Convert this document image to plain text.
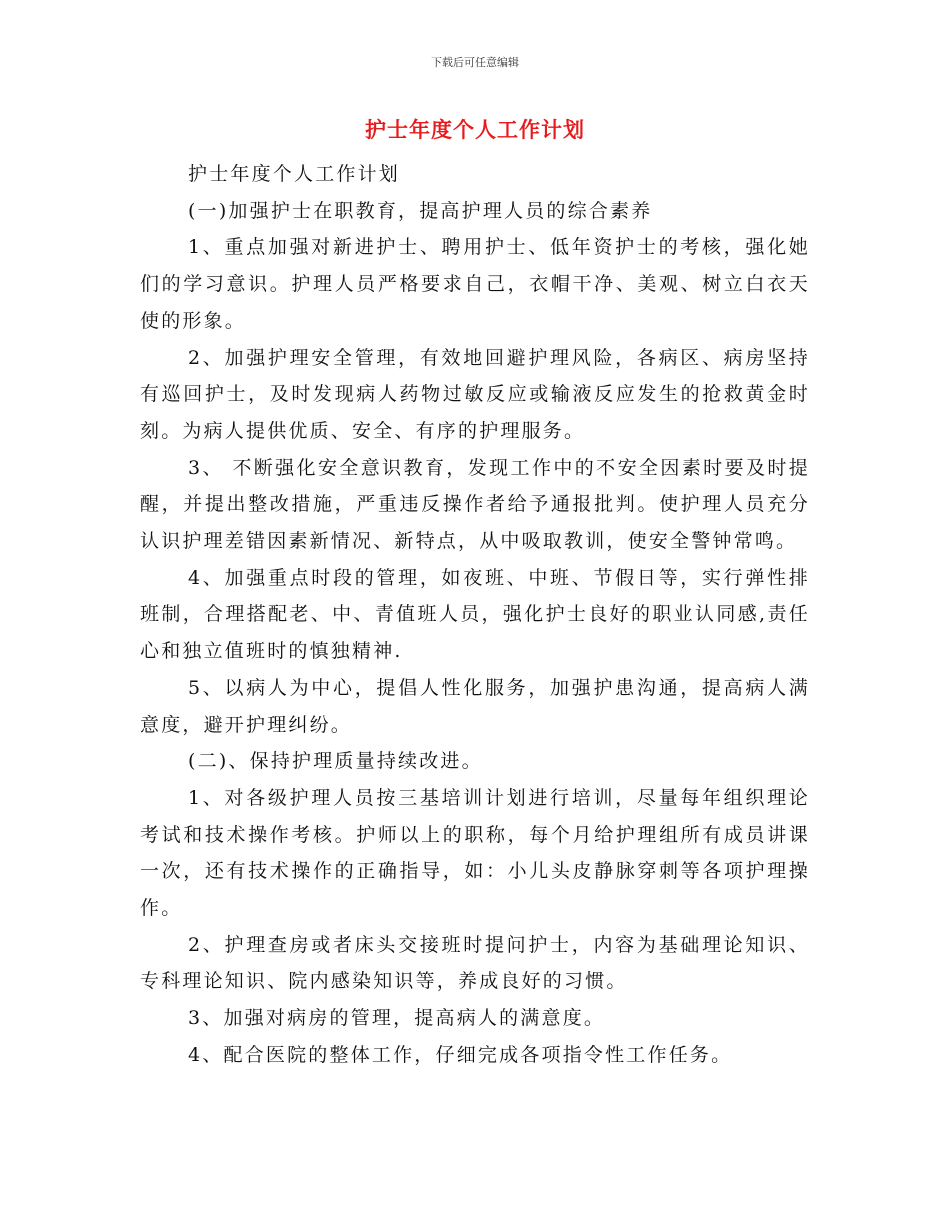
下载后可任意编辑
护士年度个人工作计划

护士年度个人工作计划

(一)加强护士在职教育，提高护理人员的综合素养

1、重点加强对新进护士、聘用护士、低年资护士的考核，强化她们的学习意识。护理人员严格要求自己，衣帽干净、美观、树立白衣天使的形象。

2、加强护理安全管理，有效地回避护理风险，各病区、病房坚持有巡回护士，及时发现病人药物过敏反应或输液反应发生的抢救黄金时刻。为病人提供优质、安全、有序的护理服务。

3、 不断强化安全意识教育，发现工作中的不安全因素时要及时提醒，并提出整改措施，严重违反操作者给予通报批判。使护理人员充分认识护理差错因素新情况、新特点，从中吸取教训，使安全警钟常鸣。

4、加强重点时段的管理，如夜班、中班、节假日等，实行弹性排班制，合理搭配老、中、青值班人员，强化护士良好的职业认同感,责任心和独立值班时的慎独精神.

5、以病人为中心，提倡人性化服务，加强护患沟通，提高病人满意度，避开护理纠纷。

(二)、保持护理质量持续改进。

1、对各级护理人员按三基培训计划进行培训，尽量每年组织理论考试和技术操作考核。护师以上的职称，每个月给护理组所有成员讲课一次，还有技术操作的正确指导，如：小儿头皮静脉穿刺等各项护理操作。

2、护理查房或者床头交接班时提问护士，内容为基础理论知识、专科理论知识、院内感染知识等，养成良好的习惯。

3、加强对病房的管理，提高病人的满意度。

4、配合医院的整体工作，仔细完成各项指令性工作任务。
